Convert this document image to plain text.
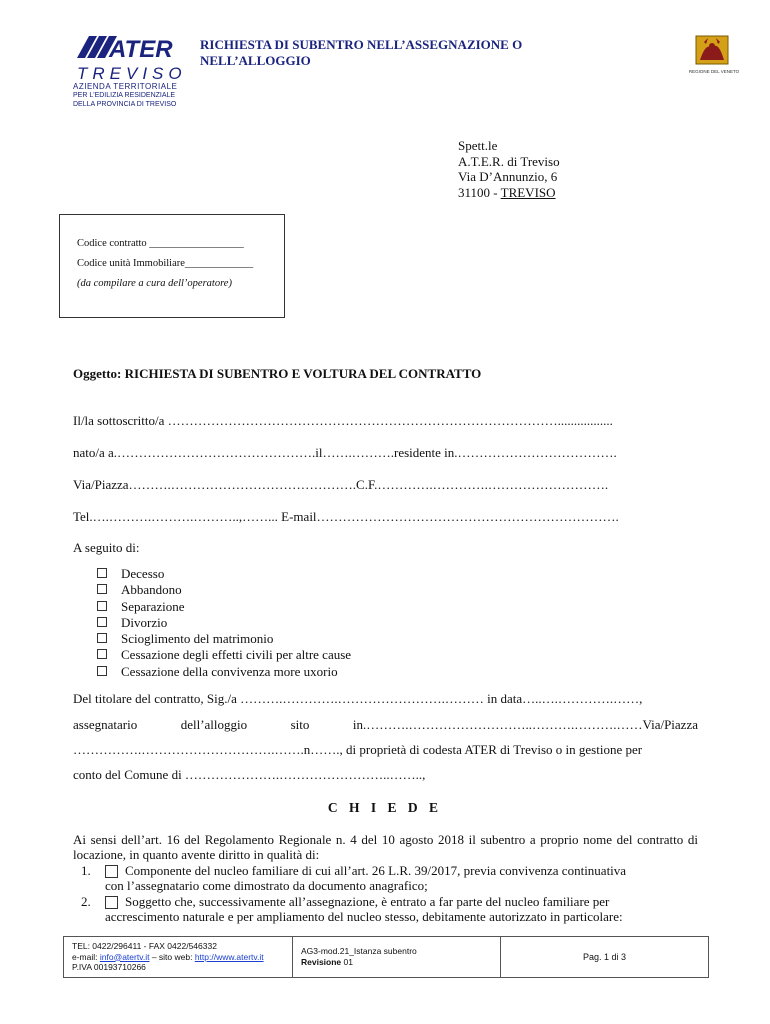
ATER
TREVISO
AZIENDA TERRITORIALE
PER L'EDILIZIA RESIDENZIALE
DELLA PROVINCIA DI TREVISO
RICHIESTA DI SUBENTRO NELL’ASSEGNAZIONE O
NELL’ALLOGGIO
REGIONE DEL VENETO
Spett.le
A.T.E.R. di Treviso
Via D’Annunzio, 6
31100 - TREVISO
Codice contratto __________________
Codice unità Immobiliare_____________
(da compilare a cura dell’operatore)
Oggetto: RICHIESTA DI SUBENTRO E VOLTURA DEL CONTRATTO
Il/la sottoscritto/a ……………………………………………………………………………….................
nato/a a.……………………………………….il…….……….residente in.……………………………….
Via/Piazza……….…………………………………….C.F.………….………….……………………….
Tel.….……….……….………..,……... E-mail…………………………………………………………….
A seguito di:
Decesso
Abbandono
Separazione
Divorzio
Scioglimento del matrimonio
Cessazione degli effetti civili per altre cause
Cessazione della convivenza more uxorio
Del titolare del contratto, Sig./a ……….………….…………………….……… in data…..….………….……,
assegnatario	dell’alloggio	sito	in.……….………………………..……….……….……Via/Piazza
…………….………………………….…….n……., di proprietà di codesta ATER di Treviso o in gestione per
conto del Comune di ………………….……………………..……..,
C H I E D E
Ai sensi dell’art. 16 del Regolamento Regionale n. 4 del 10 agosto 2018 il subentro a proprio nome del contratto di locazione, in quanto avente diritto in qualità di:
1.	Componente del nucleo familiare di cui all’art. 26 L.R. 39/2017, previa convivenza continuativa
con l’assegnatario come dimostrato da documento anagrafico;
2.	Soggetto che, successivamente all’assegnazione, è entrato a far parte del nucleo familiare per
accrescimento naturale e per ampliamento del nucleo stesso, debitamente autorizzato in particolare:
TEL: 0422/296411 - FAX 0422/546332
e-mail: info@atertv.it – sito web: http://www.atertv.it
P.IVA 00193710266
AG3-mod.21_Istanza subentro
Revisione 01	Pag. 1 di 3
